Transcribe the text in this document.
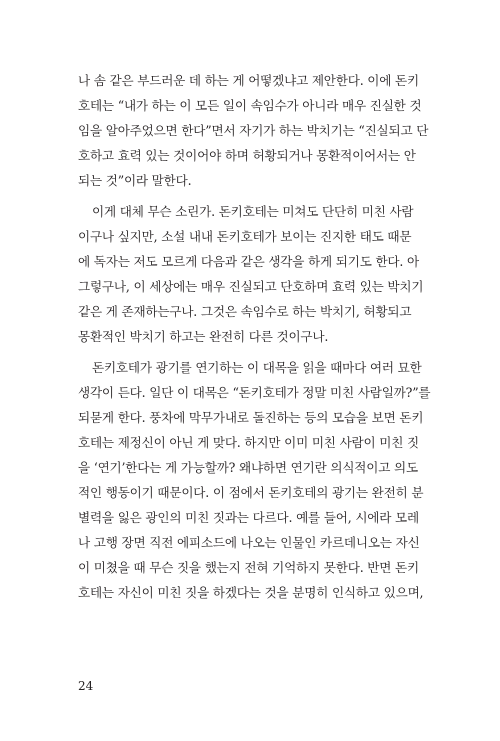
나 솜 같은 부드러운 데 하는 게 어떻겠냐고 제안한다. 이에 돈키
호테는 “내가 하는 이 모든 일이 속임수가 아니라 매우 진실한 것
임을 알아주었으면 한다”면서 자기가 하는 박치기는 “진실되고 단
호하고 효력 있는 것이어야 하며 허황되거나 몽환적이어서는 안
되는 것”이라 말한다.
이게 대체 무슨 소린가. 돈키호테는 미쳐도 단단히 미친 사람
이구나 싶지만, 소설 내내 돈키호테가 보이는 진지한 태도 때문
에 독자는 저도 모르게 다음과 같은 생각을 하게 되기도 한다. 아
그렇구나, 이 세상에는 매우 진실되고 단호하며 효력 있는 박치기
같은 게 존재하는구나. 그것은 속임수로 하는 박치기, 허황되고
몽환적인 박치기 하고는 완전히 다른 것이구나.
돈키호테가 광기를 연기하는 이 대목을 읽을 때마다 여러 묘한
생각이 든다. 일단 이 대목은 “돈키호테가 정말 미친 사람일까?”를
되묻게 한다. 풍차에 막무가내로 돌진하는 등의 모습을 보면 돈키
호테는 제정신이 아닌 게 맞다. 하지만 이미 미친 사람이 미친 짓
을 ‘연기’한다는 게 가능할까? 왜냐하면 연기란 의식적이고 의도
적인 행동이기 때문이다. 이 점에서 돈키호테의 광기는 완전히 분
별력을 잃은 광인의 미친 짓과는 다르다. 예를 들어, 시에라 모레
나 고행 장면 직전 에피소드에 나오는 인물인 카르데니오는 자신
이 미쳤을 때 무슨 짓을 했는지 전혀 기억하지 못한다. 반면 돈키
호테는 자신이 미친 짓을 하겠다는 것을 분명히 인식하고 있으며,
24
